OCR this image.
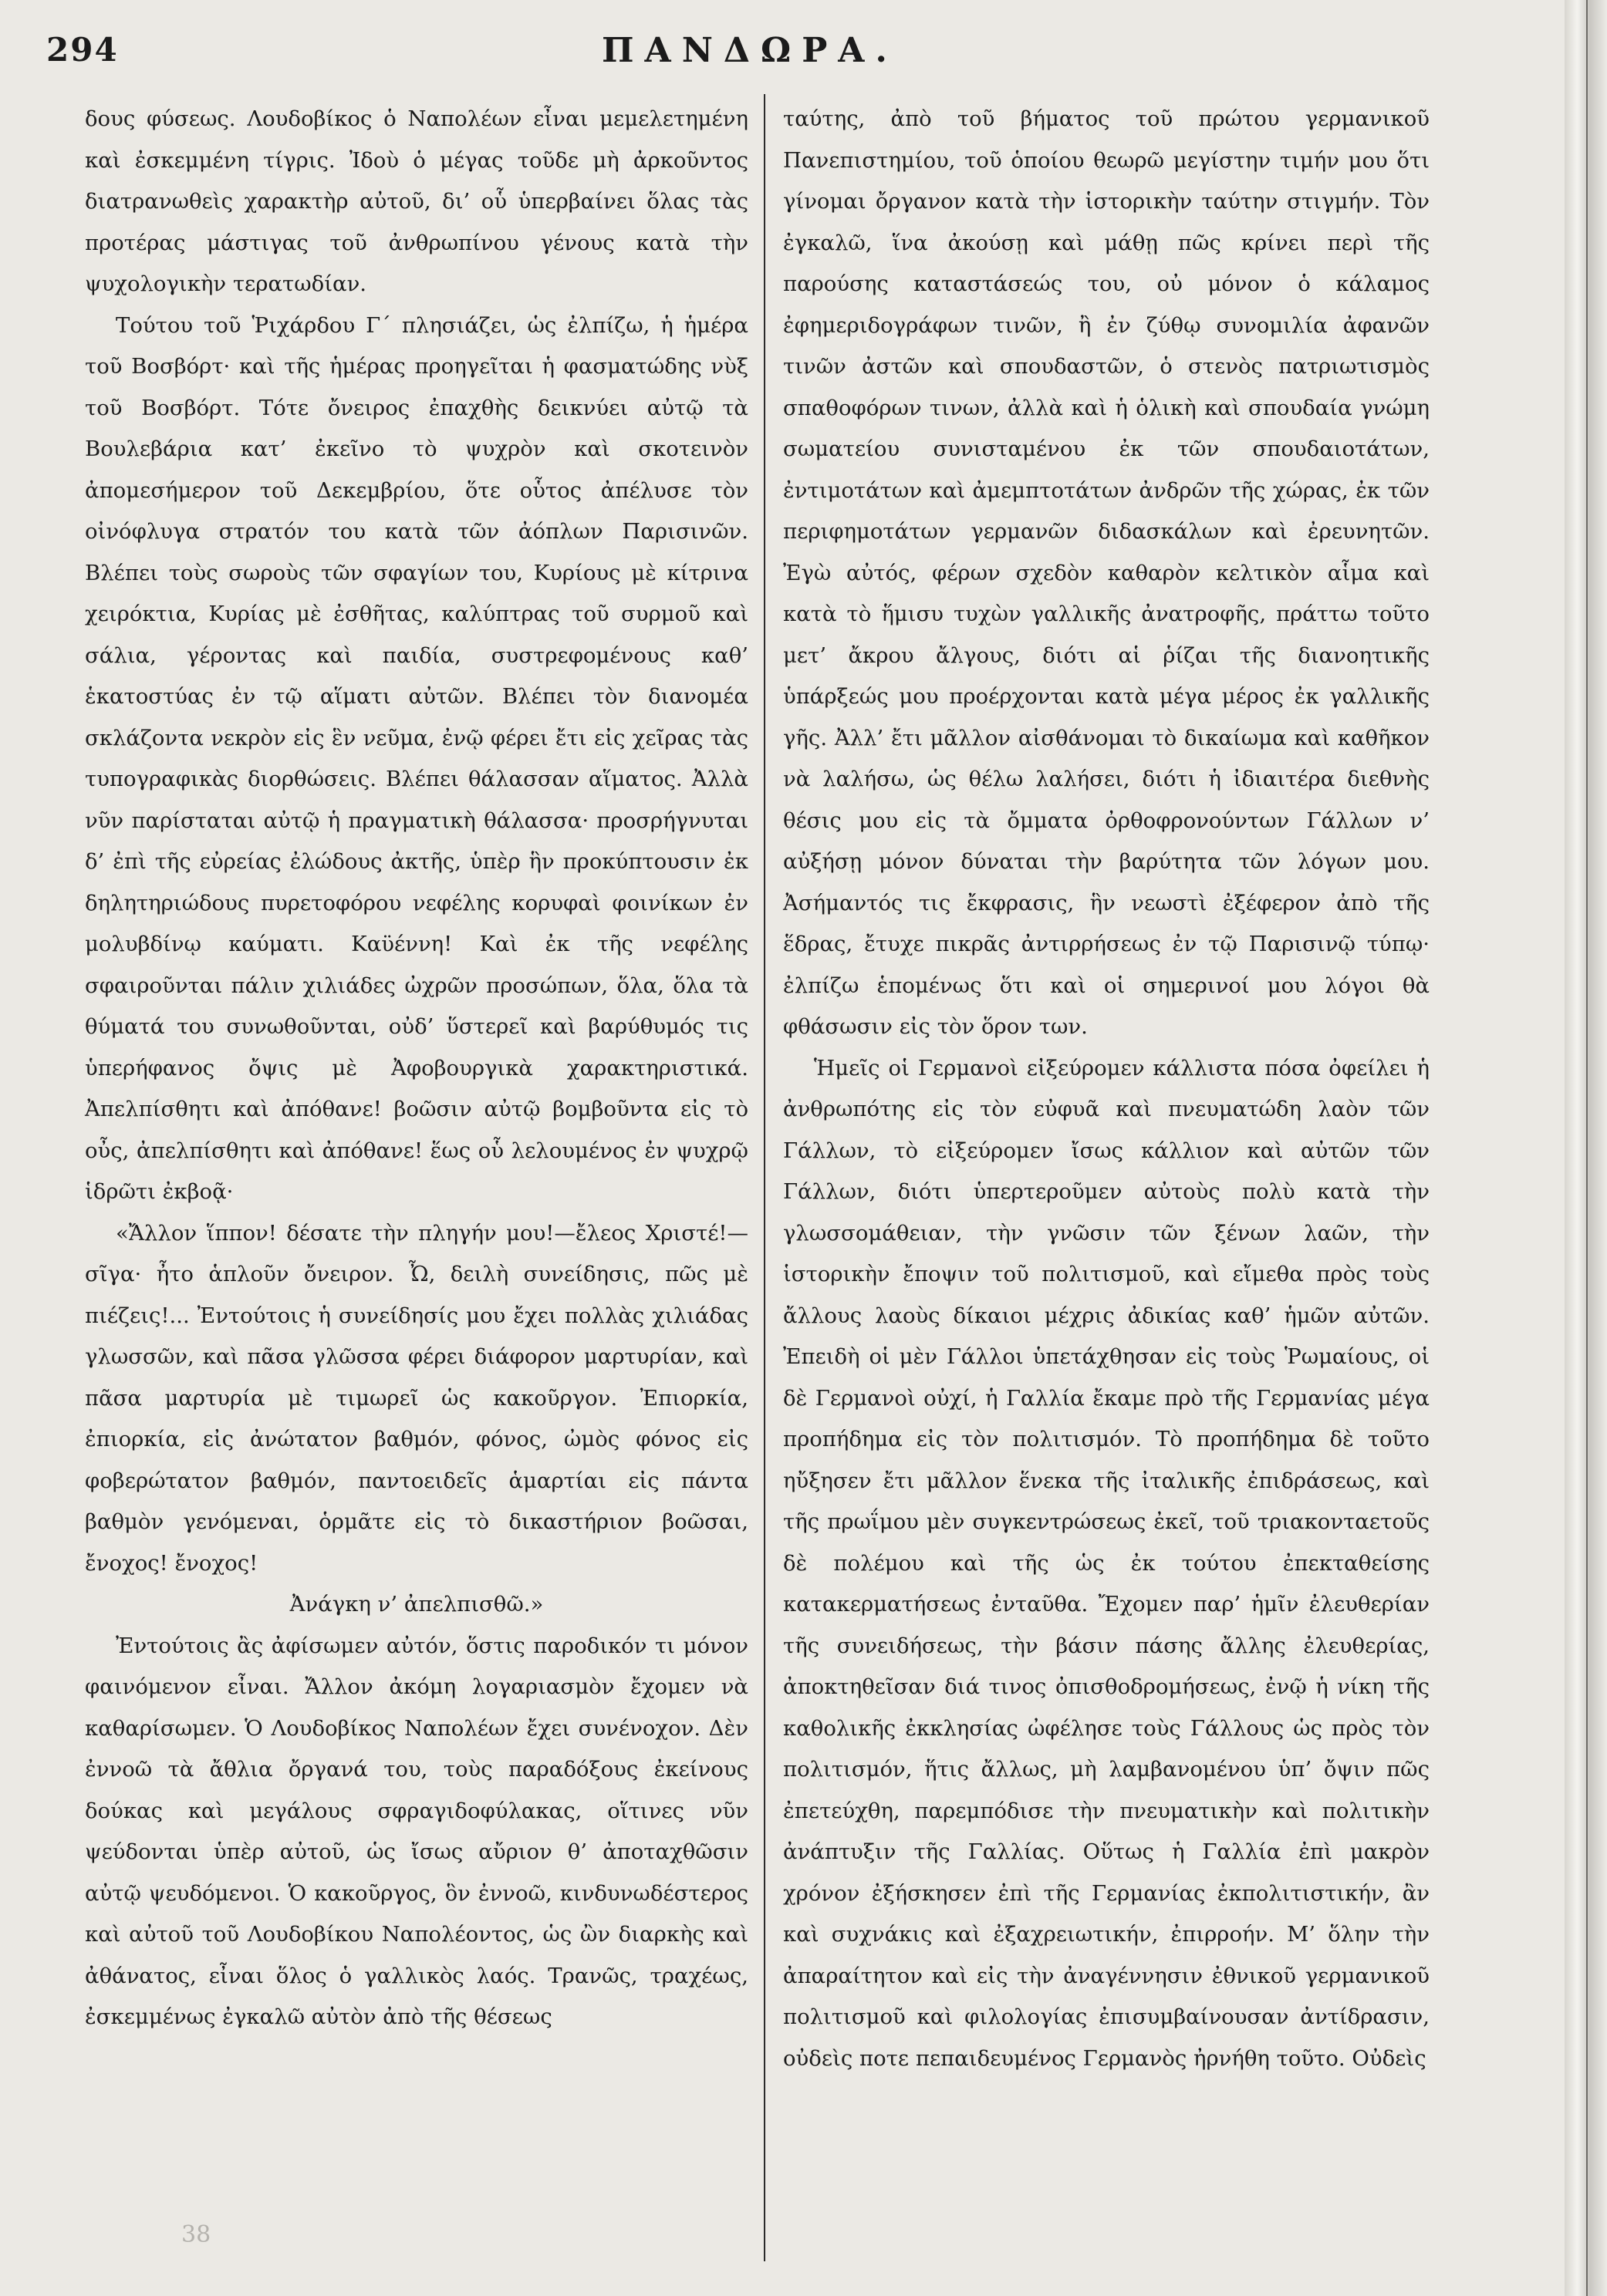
294	ΠΑΝΔΩΡΑ.

δους φύσεως. Λουδοβίκος ὁ Ναπολέων εἶναι μεμελετημένη καὶ ἐσκεμμένη τίγρις. Ἰδοὺ ὁ μέγας τοῦδε μὴ ἀρκοῦντος διατρανωθεὶς χαρακτὴρ αὐτοῦ, δι’ οὗ ὑπερβαίνει ὅλας τὰς προτέρας μάστιγας τοῦ ἀνθρωπίνου γένους κατὰ τὴν ψυχολογικὴν τερατωδίαν.

Τούτου τοῦ Ῥιχάρδου Γ΄ πλησιάζει, ὡς ἐλπίζω, ἡ ἡμέρα τοῦ Βοσβόρτ· καὶ τῆς ἡμέρας προηγεῖται ἡ φασματώδης νὺξ τοῦ Βοσβόρτ. Τότε ὄνειρος ἐπαχθὴς δεικνύει αὐτῷ τὰ Βουλεβάρια κατ’ ἐκεῖνο τὸ ψυχρὸν καὶ σκοτεινὸν ἀπομεσήμερον τοῦ Δεκεμβρίου, ὅτε οὗτος ἀπέλυσε τὸν οἰνόφλυγα στρατόν του κατὰ τῶν ἀόπλων Παρισινῶν. Βλέπει τοὺς σωροὺς τῶν σφαγίων του, Κυρίους μὲ κίτρινα χειρόκτια, Κυρίας μὲ ἐσθῆτας, καλύπτρας τοῦ συρμοῦ καὶ σάλια, γέροντας καὶ παιδία, συστρεφομένους καθ’ ἑκατοστύας ἐν τῷ αἵματι αὐτῶν. Βλέπει τὸν διανομέα σκλάζοντα νεκρὸν εἰς ἓν νεῦμα, ἐνῷ φέρει ἔτι εἰς χεῖρας τὰς τυπογραφικὰς διορθώσεις. Βλέπει θάλασσαν αἵματος. Ἀλλὰ νῦν παρίσταται αὐτῷ ἡ πραγματικὴ θάλασσα· προσρήγνυται δ’ ἐπὶ τῆς εὐρείας ἐλώδους ἀκτῆς, ὑπὲρ ἣν προκύπτουσιν ἐκ δηλητηριώδους πυρετοφόρου νεφέλης κορυφαὶ φοινίκων ἐν μολυβδίνῳ καύματι. Καϋέννη! Καὶ ἐκ τῆς νεφέλης σφαιροῦνται πάλιν χιλιάδες ὠχρῶν προσώπων, ὅλα, ὅλα τὰ θύματά του συνωθοῦνται, οὐδ’ ὕστερεῖ καὶ βαρύθυμός τις ὑπερήφανος ὄψις μὲ Ἀφοβουργικὰ χαρακτηριστικά. Ἀπελπίσθητι καὶ ἀπόθανε! βοῶσιν αὐτῷ βομβοῦντα εἰς τὸ οὖς, ἀπελπίσθητι καὶ ἀπόθανε! ἕως οὗ λελουμένος ἐν ψυχρῷ ἱδρῶτι ἐκβοᾷ·

«Ἄλλον ἵππον! δέσατε τὴν πληγήν μου!—ἔλεος Χριστέ!—σῖγα· ἦτο ἁπλοῦν ὄνειρον. Ὦ, δειλὴ συνείδησις, πῶς μὲ πιέζεις!... Ἐντούτοις ἡ συνείδησίς μου ἔχει πολλὰς χιλιάδας γλωσσῶν, καὶ πᾶσα γλῶσσα φέρει διάφορον μαρτυρίαν, καὶ πᾶσα μαρτυρία μὲ τιμωρεῖ ὡς κακοῦργον. Ἐπιορκία, ἐπιορκία, εἰς ἀνώτατον βαθμόν, φόνος, ὠμὸς φόνος εἰς φοβερώτατον βαθμόν, παντοειδεῖς ἁμαρτίαι εἰς πάντα βαθμὸν γενόμεναι, ὁρμᾶτε εἰς τὸ δικαστήριον βοῶσαι, ἔνοχος! ἔνοχος!

Ἀνάγκη ν’ ἀπελπισθῶ.»

Ἐντούτοις ἂς ἀφίσωμεν αὐτόν, ὅστις παροδικόν τι μόνον φαινόμενον εἶναι. Ἄλλον ἀκόμη λογαριασμὸν ἔχομεν νὰ καθαρίσωμεν. Ὁ Λουδοβίκος Ναπολέων ἔχει συνένοχον. Δὲν ἐννοῶ τὰ ἄθλια ὄργανά του, τοὺς παραδόξους ἐκείνους δούκας καὶ μεγάλους σφραγιδοφύλακας, οἵτινες νῦν ψεύδονται ὑπὲρ αὐτοῦ, ὡς ἴσως αὔριον θ’ ἀποταχθῶσιν αὐτῷ ψευδόμενοι. Ὁ κακοῦργος, ὃν ἐννοῶ, κινδυνωδέστερος καὶ αὐτοῦ τοῦ Λουδοβίκου Ναπολέοντος, ὡς ὢν διαρκὴς καὶ ἀθάνατος, εἶναι ὅλος ὁ γαλλικὸς λαός. Τρανῶς, τραχέως, ἐσκεμμένως ἐγκαλῶ αὐτὸν ἀπὸ τῆς θέσεως

ταύτης, ἀπὸ τοῦ βήματος τοῦ πρώτου γερμανικοῦ Πανεπιστημίου, τοῦ ὁποίου θεωρῶ μεγίστην τιμήν μου ὅτι γίνομαι ὄργανον κατὰ τὴν ἱστορικὴν ταύτην στιγμήν. Τὸν ἐγκαλῶ, ἵνα ἀκούσῃ καὶ μάθῃ πῶς κρίνει περὶ τῆς παρούσης καταστάσεώς του, οὐ μόνον ὁ κάλαμος ἐφημεριδογράφων τινῶν, ἢ ἐν ζύθῳ συνομιλία ἀφανῶν τινῶν ἀστῶν καὶ σπουδαστῶν, ὁ στενὸς πατριωτισμὸς σπαθοφόρων τινων, ἀλλὰ καὶ ἡ ὁλικὴ καὶ σπουδαία γνώμη σωματείου συνισταμένου ἐκ τῶν σπουδαιοτάτων, ἐντιμοτάτων καὶ ἀμεμπτοτάτων ἀνδρῶν τῆς χώρας, ἐκ τῶν περιφημοτάτων γερμανῶν διδασκάλων καὶ ἐρευνητῶν. Ἐγὼ αὐτός, φέρων σχεδὸν καθαρὸν κελτικὸν αἷμα καὶ κατὰ τὸ ἥμισυ τυχὼν γαλλικῆς ἀνατροφῆς, πράττω τοῦτο μετ’ ἄκρου ἄλγους, διότι αἱ ῥίζαι τῆς διανοητικῆς ὑπάρξεώς μου προέρχονται κατὰ μέγα μέρος ἐκ γαλλικῆς γῆς. Ἀλλ’ ἔτι μᾶλλον αἰσθάνομαι τὸ δικαίωμα καὶ καθῆκον νὰ λαλήσω, ὡς θέλω λαλήσει, διότι ἡ ἰδιαιτέρα διεθνὴς θέσις μου εἰς τὰ ὄμματα ὀρθοφρονούντων Γάλλων ν’ αὐξήσῃ μόνον δύναται τὴν βαρύτητα τῶν λόγων μου. Ἀσήμαντός τις ἔκφρασις, ἣν νεωστὶ ἐξέφερον ἀπὸ τῆς ἕδρας, ἔτυχε πικρᾶς ἀντιρρήσεως ἐν τῷ Παρισινῷ τύπῳ· ἐλπίζω ἑπομένως ὅτι καὶ οἱ σημερινοί μου λόγοι θὰ φθάσωσιν εἰς τὸν ὅρον των.

Ἡμεῖς οἱ Γερμανοὶ εἰξεύρομεν κάλλιστα πόσα ὀφείλει ἡ ἀνθρωπότης εἰς τὸν εὐφυᾶ καὶ πνευματώδη λαὸν τῶν Γάλλων, τὸ εἰξεύρομεν ἴσως κάλλιον καὶ αὐτῶν τῶν Γάλλων, διότι ὑπερτεροῦμεν αὐτοὺς πολὺ κατὰ τὴν γλωσσομάθειαν, τὴν γνῶσιν τῶν ξένων λαῶν, τὴν ἱστορικὴν ἔποψιν τοῦ πολιτισμοῦ, καὶ εἴμεθα πρὸς τοὺς ἄλλους λαοὺς δίκαιοι μέχρις ἀδικίας καθ’ ἡμῶν αὐτῶν. Ἐπειδὴ οἱ μὲν Γάλλοι ὑπετάχθησαν εἰς τοὺς Ῥωμαίους, οἱ δὲ Γερμανοὶ οὐχί, ἡ Γαλλία ἔκαμε πρὸ τῆς Γερμανίας μέγα προπήδημα εἰς τὸν πολιτισμόν. Τὸ προπήδημα δὲ τοῦτο ηὔξησεν ἔτι μᾶλλον ἕνεκα τῆς ἰταλικῆς ἐπιδράσεως, καὶ τῆς πρωΐμου μὲν συγκεντρώσεως ἐκεῖ, τοῦ τριακονταετοῦς δὲ πολέμου καὶ τῆς ὡς ἐκ τούτου ἐπεκταθείσης κατακερματήσεως ἐνταῦθα. Ἔχομεν παρ’ ἡμῖν ἐλευθερίαν τῆς συνειδήσεως, τὴν βάσιν πάσης ἄλλης ἐλευθερίας, ἀποκτηθεῖσαν διά τινος ὀπισθοδρομήσεως, ἐνῷ ἡ νίκη τῆς καθολικῆς ἐκκλησίας ὠφέλησε τοὺς Γάλλους ὡς πρὸς τὸν πολιτισμόν, ἥτις ἄλλως, μὴ λαμβανομένου ὑπ’ ὄψιν πῶς ἐπετεύχθη, παρεμπόδισε τὴν πνευματικὴν καὶ πολιτικὴν ἀνάπτυξιν τῆς Γαλλίας. Οὕτως ἡ Γαλλία ἐπὶ μακρὸν χρόνον ἐξήσκησεν ἐπὶ τῆς Γερμανίας ἐκπολιτιστικήν, ἂν καὶ συχνάκις καὶ ἐξαχρειωτικήν, ἐπιρροήν. Μ’ ὅλην τὴν ἀπαραίτητον καὶ εἰς τὴν ἀναγέννησιν ἐθνικοῦ γερμανικοῦ πολιτισμοῦ καὶ φιλολογίας ἐπισυμβαίνουσαν ἀντίδρασιν, οὐδεὶς ποτε πεπαιδευμένος Γερμανὸς ἠρνήθη τοῦτο. Οὐδεὶς

38
